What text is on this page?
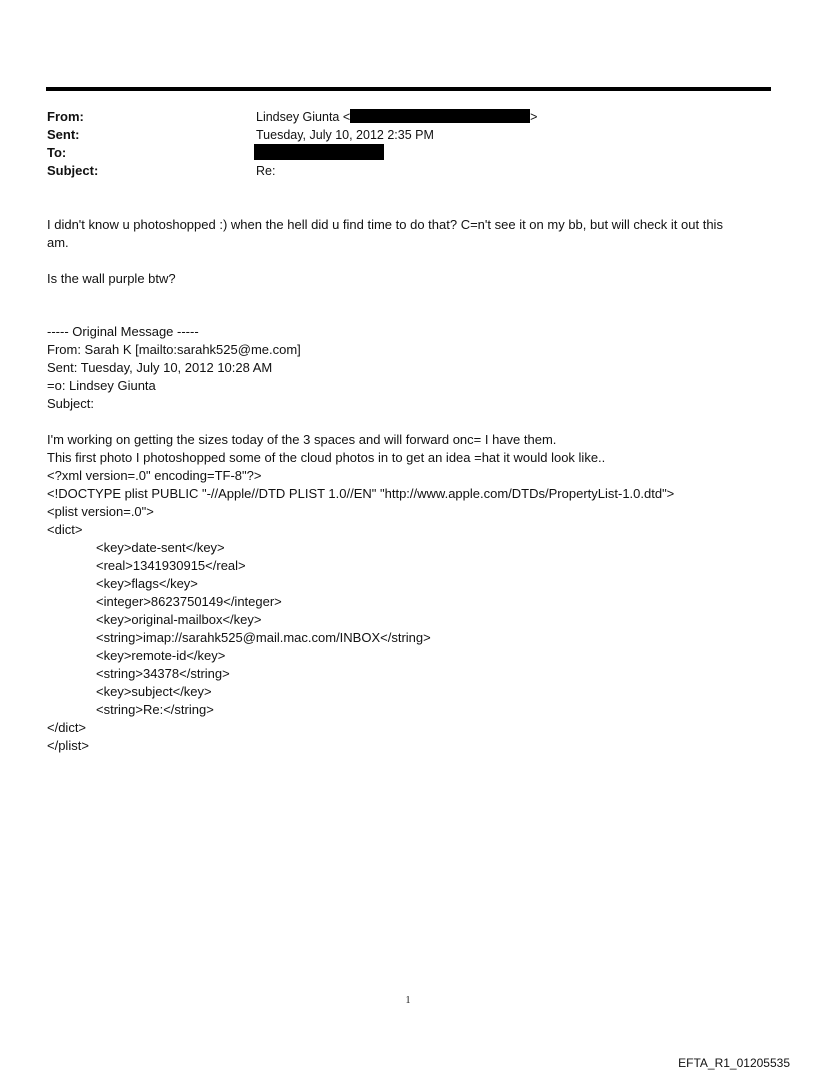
From:	Lindsey Giunta <	>
Sent:	Tuesday, July 10, 2012 2:35 PM
To:
Subject:	Re:
I didn't know u photoshopped :) when the hell did u find time to do that? C=n't see it on my bb, but will check it out this
am.
Is the wall purple btw?
----- Original Message -----
From: Sarah K [mailto:sarahk525@me.com]
Sent: Tuesday, July 10, 2012 10:28 AM
=o: Lindsey Giunta
Subject:
I'm working on getting the sizes today of the 3 spaces and will forward onc= I have them.
This first photo I photoshopped some of the cloud photos in to get an idea =hat it would look like..
<?xml version=.0" encoding=TF-8"?>
<!DOCTYPE plist PUBLIC "-//Apple//DTD PLIST 1.0//EN" "http://www.apple.com/DTDs/PropertyList-1.0.dtd">
<plist version=.0">
<dict>
<key>date-sent</key>
<real>1341930915</real>
<key>flags</key>
<integer>8623750149</integer>
<key>original-mailbox</key>
<string>imap://sarahk525@mail.mac.com/INBOX</string>
<key>remote-id</key>
<string>34378</string>
<key>subject</key>
<string>Re:</string>
</dict>
</plist>
1
EFTA_R1_01205535
